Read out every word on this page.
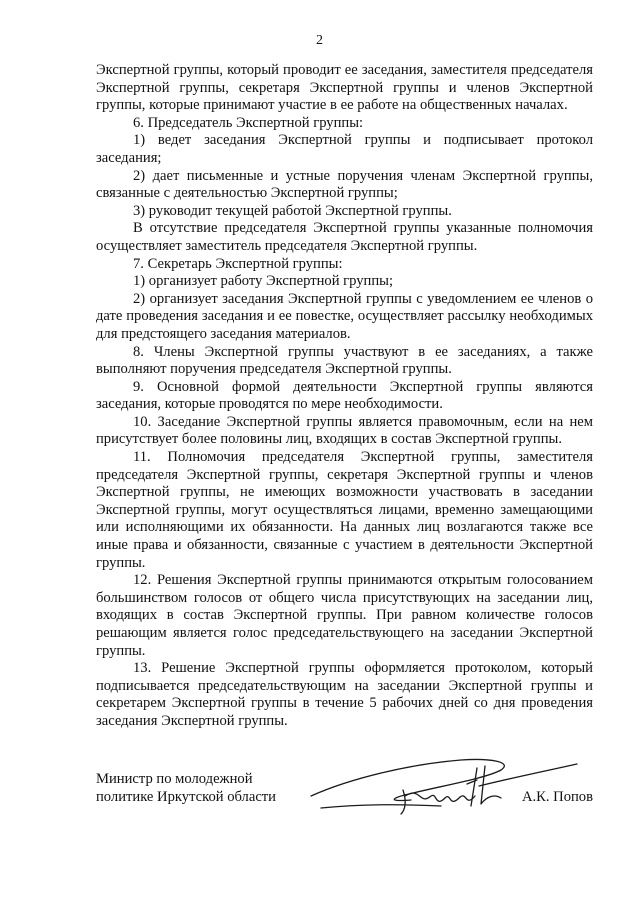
2

Экспертной группы, который проводит ее заседания, заместителя председателя Экспертной группы, секретаря Экспертной группы и членов Экспертной группы, которые принимают участие в ее работе на общественных началах.

6. Председатель Экспертной группы:

1) ведет заседания Экспертной группы и подписывает протокол заседания;

2) дает письменные и устные поручения членам Экспертной группы, связанные с деятельностью Экспертной группы;

3) руководит текущей работой Экспертной группы.

В отсутствие председателя Экспертной группы указанные полномочия осуществляет заместитель председателя Экспертной группы.

7. Секретарь Экспертной группы:

1) организует работу Экспертной группы;

2) организует заседания Экспертной группы с уведомлением ее членов о дате проведения заседания и ее повестке, осуществляет рассылку необходимых для предстоящего заседания материалов.

8. Члены Экспертной группы участвуют в ее заседаниях, а также выполняют поручения председателя Экспертной группы.

9. Основной формой деятельности Экспертной группы являются заседания, которые проводятся по мере необходимости.

10. Заседание Экспертной группы является правомочным, если на нем присутствует более половины лиц, входящих в состав Экспертной группы.

11. Полномочия председателя Экспертной группы, заместителя председателя Экспертной группы, секретаря Экспертной группы и членов Экспертной группы, не имеющих возможности участвовать в заседании Экспертной группы, могут осуществляться лицами, временно замещающими или исполняющими их обязанности. На данных лиц возлагаются также все иные права и обязанности, связанные с участием в деятельности Экспертной группы.

12. Решения Экспертной группы принимаются открытым голосованием большинством голосов от общего числа присутствующих на заседании лиц, входящих в состав Экспертной группы. При равном количестве голосов решающим является голос председательствующего на заседании Экспертной группы.

13. Решение Экспертной группы оформляется протоколом, который подписывается председательствующим на заседании Экспертной группы и секретарем Экспертной группы в течение 5 рабочих дней со дня проведения заседания Экспертной группы.

Министр по молодежной
политике Иркутской области	А.К. Попов
